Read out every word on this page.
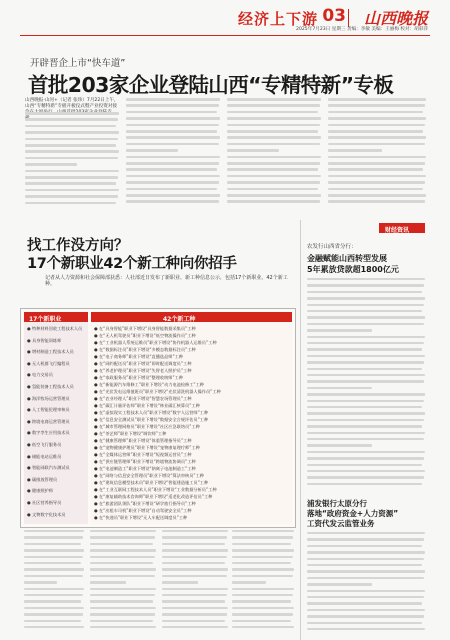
经济上下游 03 山西晚报
2025年7月23日 星期三 责编：李敏 美编：王丽梅 校对：胡彩萍
开辟晋企上市“快车道”
首批203家企业登陆山西“专精特新”专板
山西晚报·山河+（记者 张珍）7月22日上午，山西“专精特新”专板开板仪式暨产业投资对接
找工作没方向？
17个新职业42个新工种向你招手
记者从人力资源和社会保障部获悉：人社部近日发布了新职业、新工种信息公示，包括17个新职业、42个新工种。
17个新职业
● 特种材料回收工程技术人员
● 具身智能训练师
● 增材制造工程技术人员
● 无人机群飞行编程员
● 电力交易员
● 氢能装备工程技术人员
● 海洋牧场运营管理员
● 人工智能伦理审核员
● 跨境电商运营管理员
● 数字孪生应用技术员
● 低空飞行服务员
● 储能电站运维员
● 智能网联汽车测试员
● 碳排放管理员
● 健康照护师
● 社区营养指导员
● 文物数字化技术员
42个新工种
● 在“具身智能”职业下增设“具身智能数据采集员”工种
● 在“无人机驾驶员”职业下增设“低空物流操作员”工种
● 在“工业机器人系统运维员”职业下增设“协作机器人运维员”工种
● 在“数据标注员”职业下增设“多模态数据标注员”工种
● 在“电子商务师”职业下增设“直播选品师”工种
● 在“网约配送员”职业下增设“即时配送调度员”工种
● 在“养老护理员”职业下增设“失智老人照护员”工种
● 在“家政服务员”职业下增设“整理收纳师”工种
● 在“新能源汽车维修工”职业下增设“动力电池检修工”工种
● 在“光伏发电运维值班员”职业下增设“光伏清洗机器人操作员”工种
● 在“农业经理人”职业下增设“智慧农场管理员”工种
● 在“碳汇计量评估师”职业下增设“林业碳汇核算员”工种
● 在“虚拟现实工程技术人员”职业下增设“数字人运营师”工种
● 在“信息安全测试员”职业下增设“数据安全合规评估员”工种
● 在“城市管理网格员”职业下增设“社区应急联络员”工种
● 在“茶艺师”职业下增设“调饮师”工种
● 在“健康管理师”职业下增设“体重管理指导员”工种
● 在“宠物健康护理员”职业下增设“宠物康复理疗师”工种
● 在“全媒体运营师”职业下增设“短视频运营员”工种
● 在“供应链管理师”职业下增设“跨境物流协调员”工种
● 在“电池制造工”职业下增设“钠离子电池制造工”工种
● 在“网络与信息安全管理员”职业下增设“算法审核员”工种
● 在“建筑信息模型技术员”职业下增设“智能建造施工员”工种
● 在“工业互联网工程技术人员”职业下增设“工业数据分析员”工种
● 在“康复辅助技术咨询师”职业下增设“适老化改造评估员”工种
● 在“旅游团队领队”职业下增设“研学旅行指导员”工种
● 在“出租车司机”职业下增设“自动驾驶安全员”工种
● 在“快递员”职业下增设“无人车配送调度员”工种
财经资讯
农发行山西省分行：
金融赋能山西转型发展
5年累放贷款超1800亿元
浦发银行太原分行
落地“政府资金+人力资源”
工资代发云监管业务
